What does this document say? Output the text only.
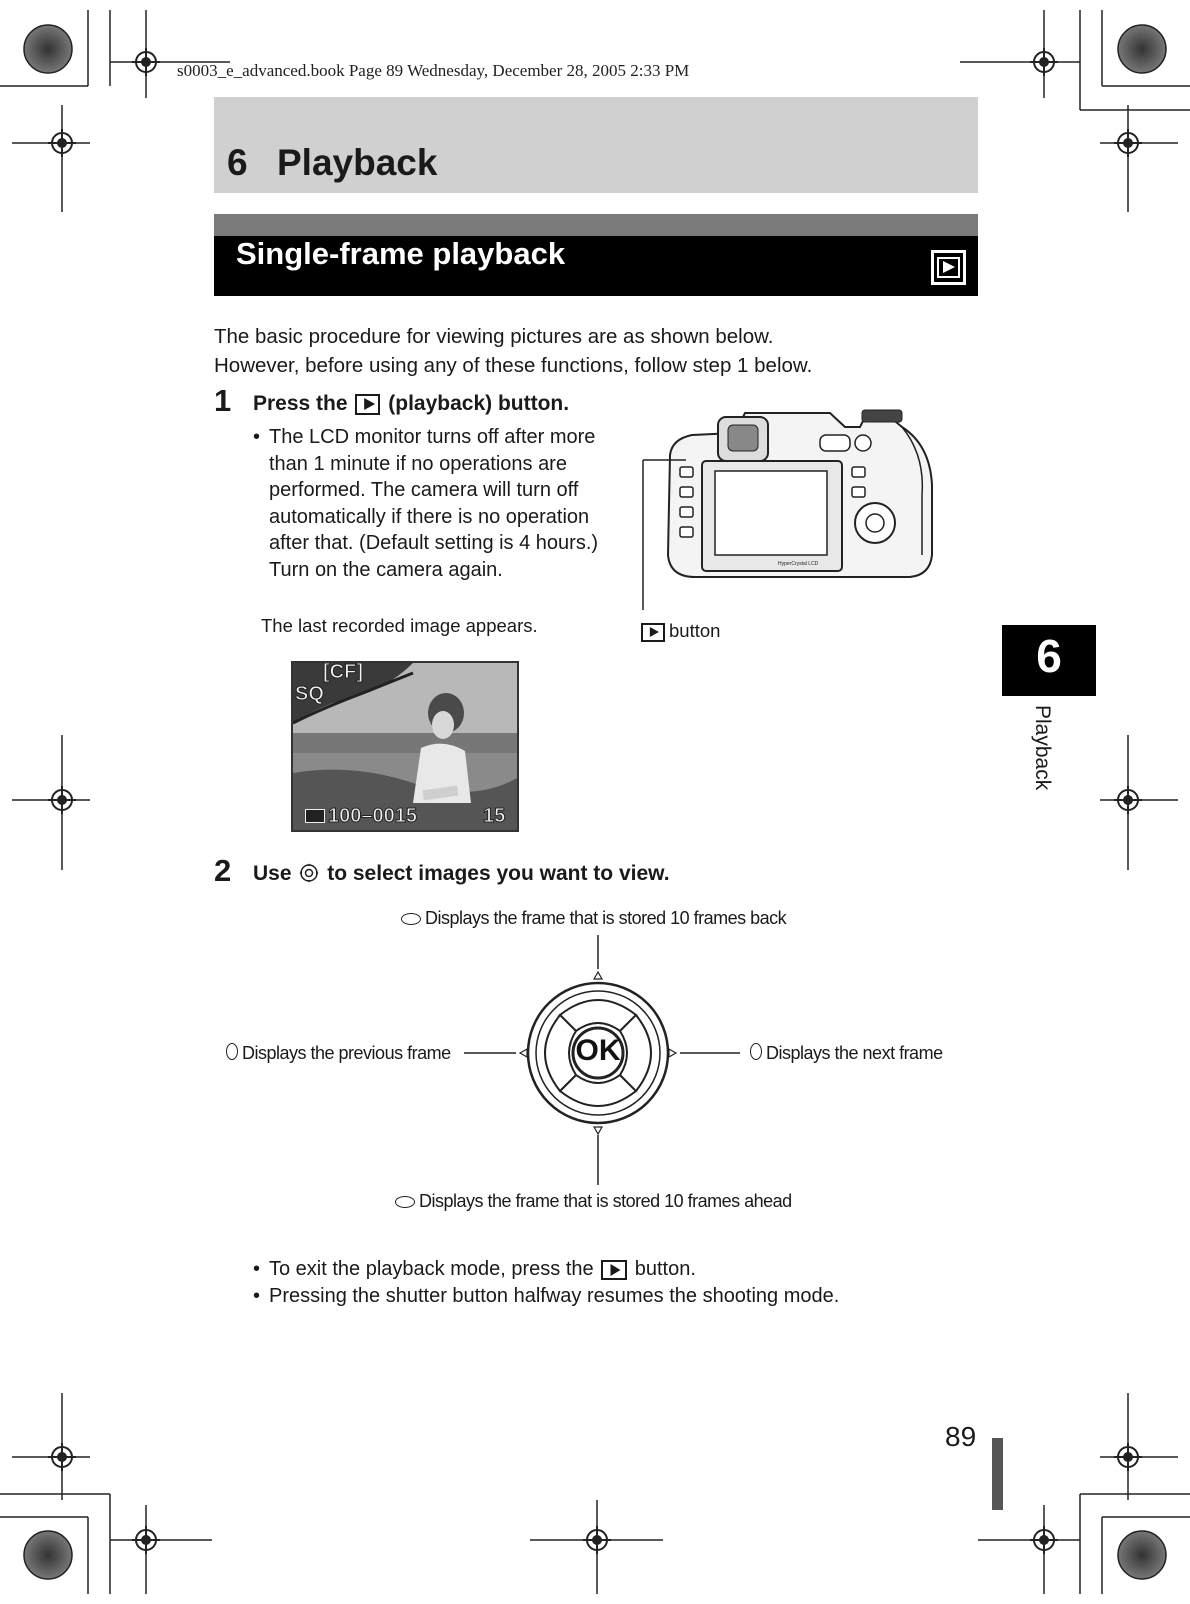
s0003_e_advanced.book Page 89 Wednesday, December 28, 2005 2:33 PM
6 Playback
Single-frame playback
The basic procedure for viewing pictures are as shown below.
However, before using any of these functions, follow step 1 below.
1 Press the (playback) button.
• The LCD monitor turns off after more
than 1 minute if no operations are
performed. The camera will turn off
automatically if there is no operation
after that. (Default setting is 4 hours.)
Turn on the camera again.
The last recorded image appears.
HyperCrystal LCD
button
[CF]
SQ
100–0015	15
6
Playback
2 Use to select images you want to view.
OK
Displays the frame that is stored 10 frames back
Displays the previous frame	Displays the next frame
Displays the frame that is stored 10 frames ahead
• To exit the playback mode, press the button.
• Pressing the shutter button halfway resumes the shooting mode.
89
